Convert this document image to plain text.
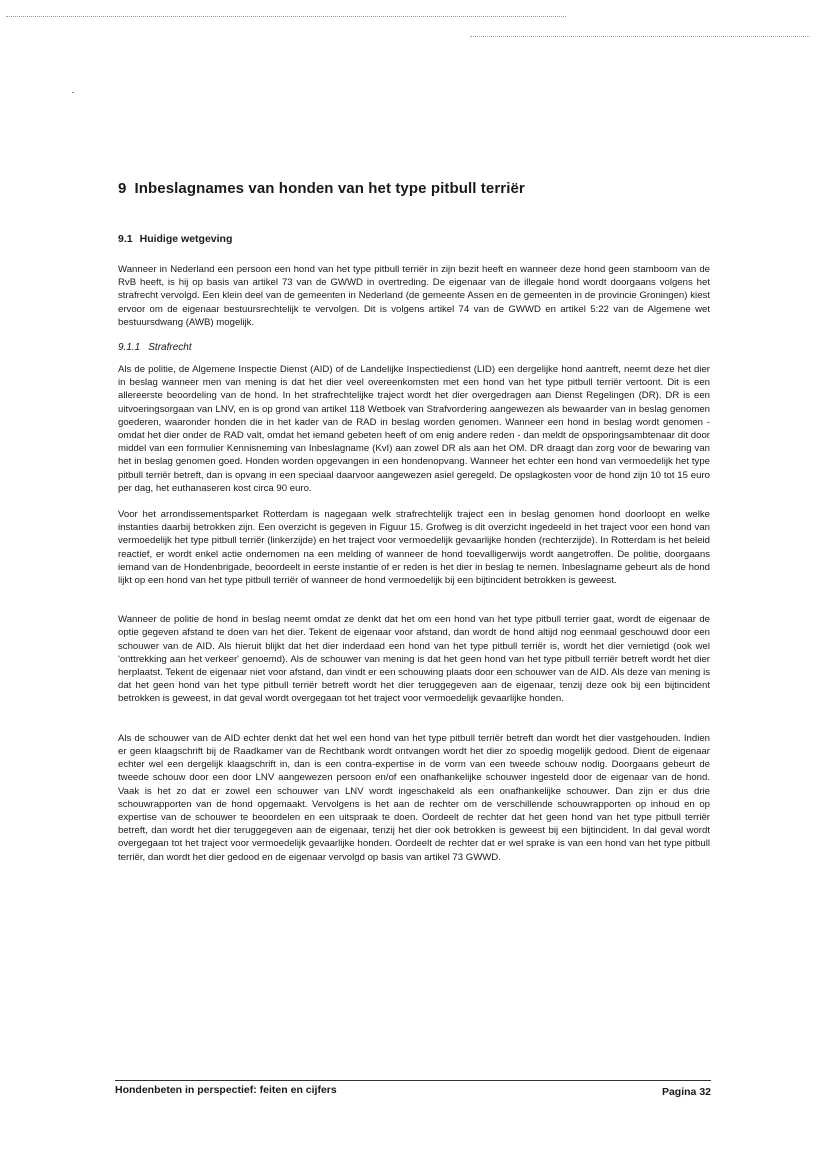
9 Inbeslagnames van honden van het type pitbull terriër
9.1 Huidige wetgeving

Wanneer in Nederland een persoon een hond van het type pitbull terriër in zijn bezit heeft en wanneer deze hond geen stamboom van de RvB heeft, is hij op basis van artikel 73 van de GWWD in overtreding. De eigenaar van de illegale hond wordt doorgaans volgens het strafrecht vervolgd. Een klein deel van de gemeenten in Nederland (de gemeente Assen en de gemeenten in de provincie Groningen) kiest ervoor om de eigenaar bestuursrechtelijk te vervolgen. Dit is volgens artikel 74 van de GWWD en artikel 5:22 van de Algemene wet bestuursdwang (AWB) mogelijk.

9.1.1 Strafrecht

Als de politie, de Algemene Inspectie Dienst (AID) of de Landelijke Inspectiedienst (LID) een dergelijke hond aantreft, neemt deze het dier in beslag wanneer men van mening is dat het dier veel overeenkomsten met een hond van het type pitbull terriër vertoont. Dit is een allereerste beoordeling van de hond. In het strafrechtelijke traject wordt het dier overgedragen aan Dienst Regelingen (DR). DR is een uitvoeringsorgaan van LNV, en is op grond van artikel 118 Wetboek van Strafvordering aangewezen als bewaarder van in beslag genomen goederen, waaronder honden die in het kader van de RAD in beslag worden genomen. Wanneer een hond in beslag wordt genomen - omdat het dier onder de RAD valt, omdat het iemand gebeten heeft of om enig andere reden - dan meldt de opsporingsambtenaar dit door middel van een formulier Kennisneming van Inbeslagname (KvI) aan zowel DR als aan het OM. DR draagt dan zorg voor de bewaring van het in beslag genomen goed. Honden worden opgevangen in een hondenopvang. Wanneer het echter een hond van vermoedelijk het type pitbull terriër betreft, dan is opvang in een speciaal daarvoor aangewezen asiel geregeld. De opslagkosten voor de hond zijn 10 tot 15 euro per dag, het euthanaseren kost circa 90 euro.

Voor het arrondissementsparket Rotterdam is nagegaan welk strafrechtelijk traject een in beslag genomen hond doorloopt en welke instanties daarbij betrokken zijn. Een overzicht is gegeven in Figuur 15. Grofweg is dit overzicht ingedeeld in het traject voor een hond van vermoedelijk het type pitbull terriër (linkerzijde) en het traject voor vermoedelijk gevaarlijke honden (rechterzijde). In Rotterdam is het beleid reactief, er wordt enkel actie ondernomen na een melding of wanneer de hond toevalligerwijs wordt aangetroffen. De politie, doorgaans iemand van de Hondenbrigade, beoordeelt in eerste instantie of er reden is het dier in beslag te nemen. Inbeslagname gebeurt als de hond lijkt op een hond van het type pitbull terriër of wanneer de hond vermoedelijk bij een bijtincident betrokken is geweest.

Wanneer de politie de hond in beslag neemt omdat ze denkt dat het om een hond van het type pitbull terrier gaat, wordt de eigenaar de optie gegeven afstand te doen van het dier. Tekent de eigenaar voor afstand, dan wordt de hond altijd nog eenmaal geschouwd door een schouwer van de AID. Als hieruit blijkt dat het dier inderdaad een hond van het type pitbull terriër is, wordt het dier vernietigd (ook wel 'onttrekking aan het verkeer' genoemd). Als de schouwer van mening is dat het geen hond van het type pitbull terriër betreft wordt het dier herplaatst. Tekent de eigenaar niet voor afstand, dan vindt er een schouwing plaats door een schouwer van de AID. Als deze van mening is dat het geen hond van het type pitbull terriër betreft wordt het dier teruggegeven aan de eigenaar, tenzij deze ook bij een bijtincident betrokken is geweest, in dat geval wordt overgegaan tot het traject voor vermoedelijk gevaarlijke honden.

Als de schouwer van de AID echter denkt dat het wel een hond van het type pitbull terriër betreft dan wordt het dier vastgehouden. Indien er geen klaagschrift bij de Raadkamer van de Rechtbank wordt ontvangen wordt het dier zo spoedig mogelijk gedood. Dient de eigenaar echter wel een dergelijk klaagschrift in, dan is een contra-expertise in de vorm van een tweede schouw nodig. Doorgaans gebeurt de tweede schouw door een door LNV aangewezen persoon en/of een onafhankelijke schouwer ingesteld door de eigenaar van de hond. Vaak is het zo dat er zowel een schouwer van LNV wordt ingeschakeld als een onafhankelijke schouwer. Dan zijn er dus drie schouwrapporten van de hond opgemaakt. Vervolgens is het aan de rechter om de verschillende schouwrapporten op inhoud en op expertise van de schouwer te beoordelen en een uitspraak te doen. Oordeelt de rechter dat het geen hond van het type pitbull terriër betreft, dan wordt het dier teruggegeven aan de eigenaar, tenzij het dier ook betrokken is geweest bij een bijtincident. In dal geval wordt overgegaan tot het traject voor vermoedelijk gevaarlijke honden. Oordeelt de rechter dat er wel sprake is van een hond van het type pitbull terriër, dan wordt het dier gedood en de eigenaar vervolgd op basis van artikel 73 GWWD.

Hondenbeten in perspectief: feiten en cijfers	Pagina 32
